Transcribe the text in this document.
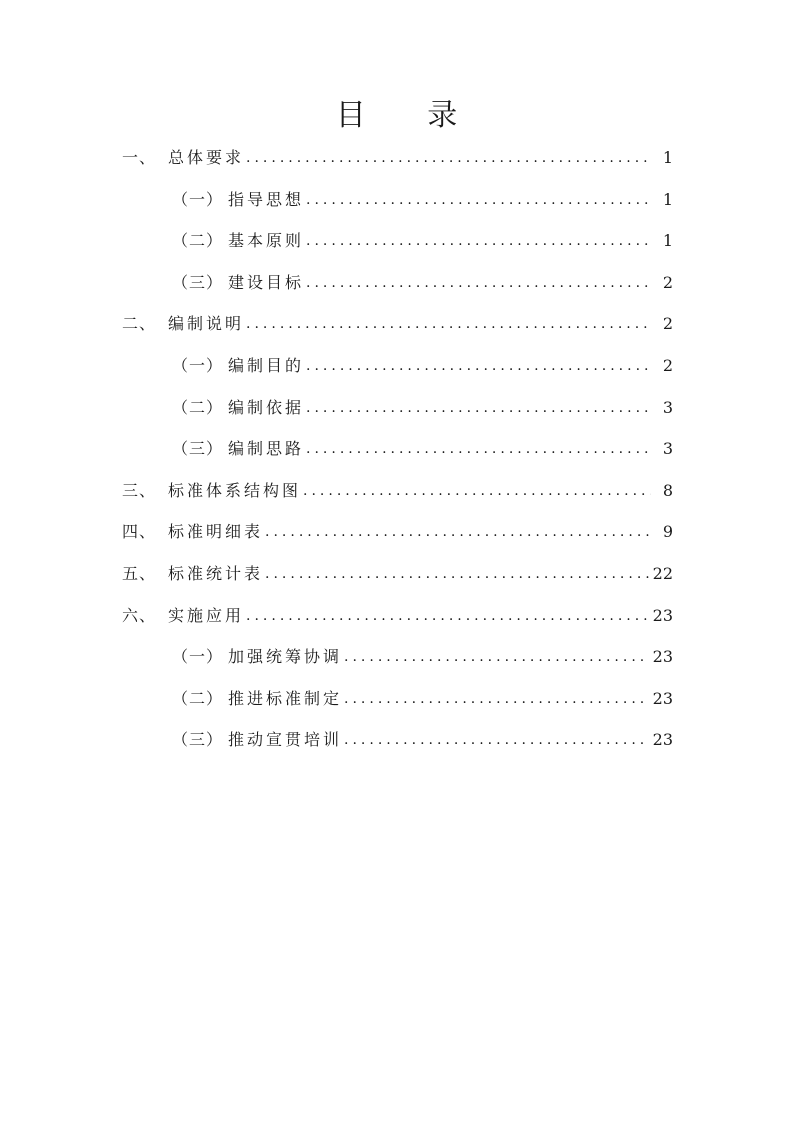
目 录
一、 总体要求 .....	1
（一） 指导思想 .....	1
（二） 基本原则 .....	1
（三） 建设目标 .....	2
二、 编制说明 .....	2
（一） 编制目的 .....	2
（二） 编制依据 .....	3
（三） 编制思路 .....	3
三、 标准体系结构图 .....	8
四、 标准明细表 .....	9
五、 标准统计表 .....	22
六、 实施应用 .....	23
（一） 加强统筹协调 .....	23
（二） 推进标准制定 .....	23
（三） 推动宣贯培训 .....	23
